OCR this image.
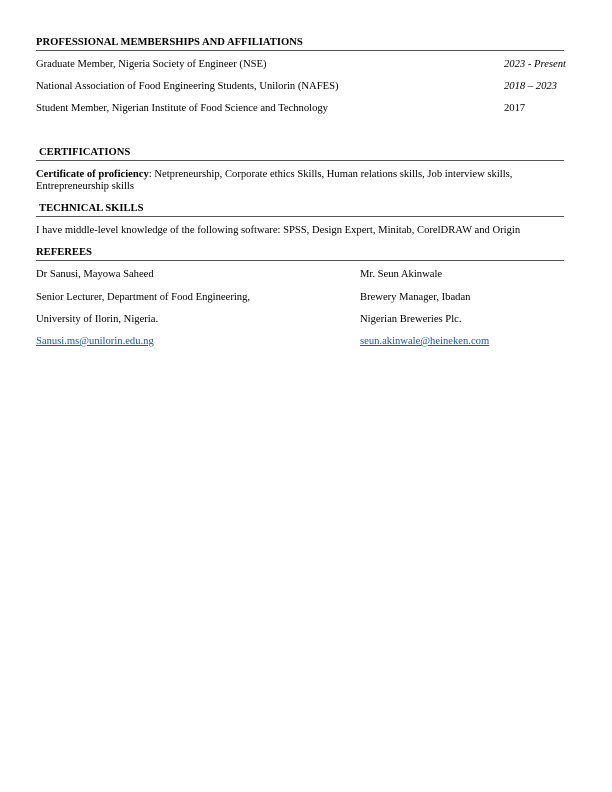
PROFESSIONAL MEMBERSHIPS AND AFFILIATIONS
Graduate Member, Nigeria Society of Engineer (NSE)	2023 - Present
National Association of Food Engineering Students, Unilorin (NAFES)	2018 – 2023
Student Member, Nigerian Institute of Food Science and Technology	2017
CERTIFICATIONS
Certificate of proficiency: Netpreneurship, Corporate ethics Skills, Human relations skills, Job interview skills, Entrepreneurship skills
TECHNICAL SKILLS
I have middle-level knowledge of the following software: SPSS, Design Expert, Minitab, CorelDRAW and Origin
REFEREES
Dr Sanusi, Mayowa Saheed	Mr. Seun Akinwale
Senior Lecturer, Department of Food Engineering,	Brewery Manager, Ibadan
University of Ilorin, Nigeria.	Nigerian Breweries Plc.
Sanusi.ms@unilorin.edu.ng	seun.akinwale@heineken.com
